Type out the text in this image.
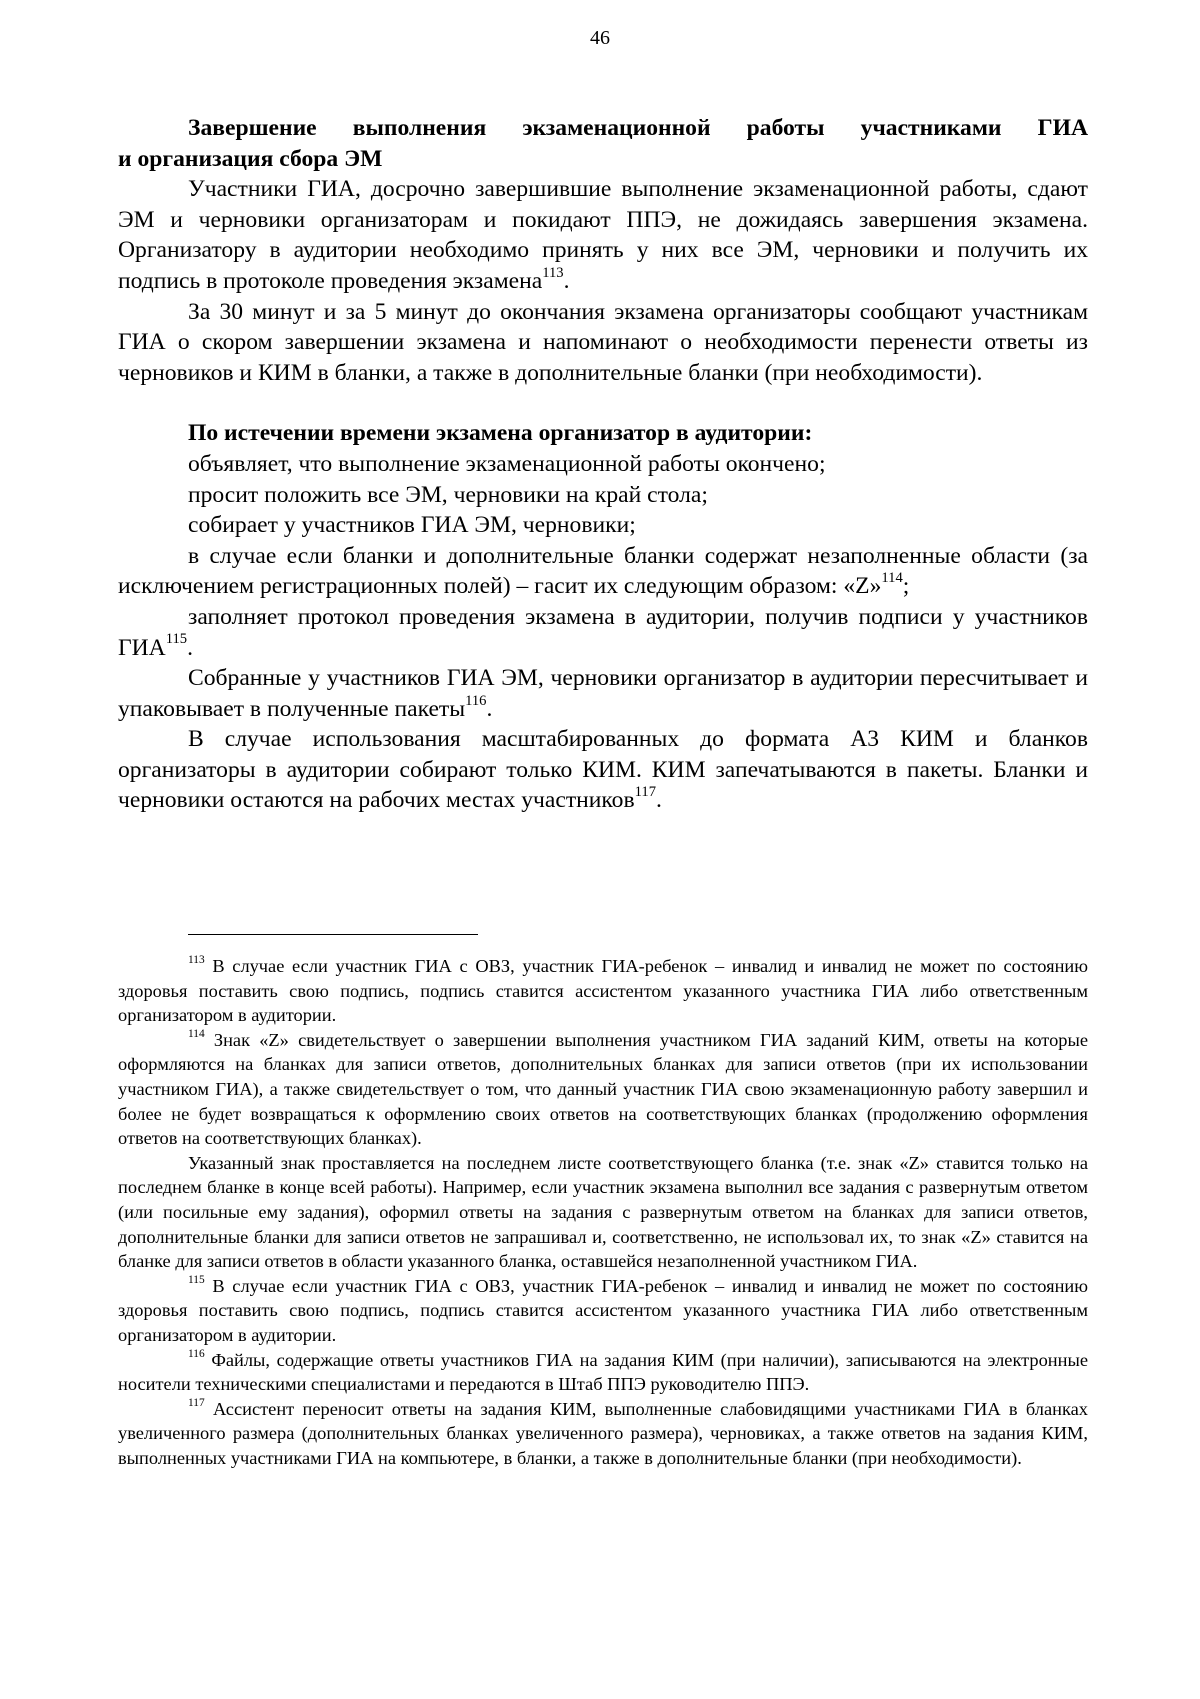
46

Завершение выполнения экзаменационной работы участниками ГИА

и организация сбора ЭМ

Участники ГИА, досрочно завершившие выполнение экзаменационной работы, сдают ЭМ и черновики организаторам и покидают ППЭ, не дожидаясь завершения экзамена. Организатору в аудитории необходимо принять у них все ЭМ, черновики и получить их подпись в протоколе проведения экзамена$^{113}$.

За 30 минут и за 5 минут до окончания экзамена организаторы сообщают участникам ГИА о скором завершении экзамена и напоминают о необходимости перенести ответы из черновиков и КИМ в бланки, а также в дополнительные бланки (при необходимости).

По истечении времени экзамена организатор в аудитории:

объявляет, что выполнение экзаменационной работы окончено;

просит положить все ЭМ, черновики на край стола;

собирает у участников ГИА ЭМ, черновики;

в случае если бланки и дополнительные бланки содержат незаполненные области (за исключением регистрационных полей) – гасит их следующим образом: «Z»$^{114}$;

заполняет протокол проведения экзамена в аудитории, получив подписи у участников ГИА$^{115}$.

Собранные у участников ГИА ЭМ, черновики организатор в аудитории пересчитывает и упаковывает в полученные пакеты$^{116}$.

В случае использования масштабированных до формата А3 КИМ и бланков организаторы в аудитории собирают только КИМ. КИМ запечатываются в пакеты. Бланки и черновики остаются на рабочих местах участников$^{117}$.

$^{113}$ В случае если участник ГИА с ОВЗ, участник ГИА-ребенок – инвалид и инвалид не может по состоянию здоровья поставить свою подпись, подпись ставится ассистентом указанного участника ГИА либо ответственным организатором в аудитории.

$^{114}$ Знак «Z» свидетельствует о завершении выполнения участником ГИА заданий КИМ, ответы на которые оформляются на бланках для записи ответов, дополнительных бланках для записи ответов (при их использовании участником ГИА), а также свидетельствует о том, что данный участник ГИА свою экзаменационную работу завершил и более не будет возвращаться к оформлению своих ответов на соответствующих бланках (продолжению оформления ответов на соответствующих бланках).

Указанный знак проставляется на последнем листе соответствующего бланка (т.е. знак «Z» ставится только на последнем бланке в конце всей работы). Например, если участник экзамена выполнил все задания с развернутым ответом (или посильные ему задания), оформил ответы на задания с развернутым ответом на бланках для записи ответов, дополнительные бланки для записи ответов не запрашивал и, соответственно, не использовал их, то знак «Z» ставится на бланке для записи ответов в области указанного бланка, оставшейся незаполненной участником ГИА.

$^{115}$ В случае если участник ГИА с ОВЗ, участник ГИА-ребенок – инвалид и инвалид не может по состоянию здоровья поставить свою подпись, подпись ставится ассистентом указанного участника ГИА либо ответственным организатором в аудитории.

$^{116}$ Файлы, содержащие ответы участников ГИА на задания КИМ (при наличии), записываются на электронные носители техническими специалистами и передаются в Штаб ППЭ руководителю ППЭ.

$^{117}$ Ассистент переносит ответы на задания КИМ, выполненные слабовидящими участниками ГИА в бланках увеличенного размера (дополнительных бланках увеличенного размера), черновиках, а также ответов на задания КИМ, выполненных участниками ГИА на компьютере, в бланки, а также в дополнительные бланки (при необходимости).
